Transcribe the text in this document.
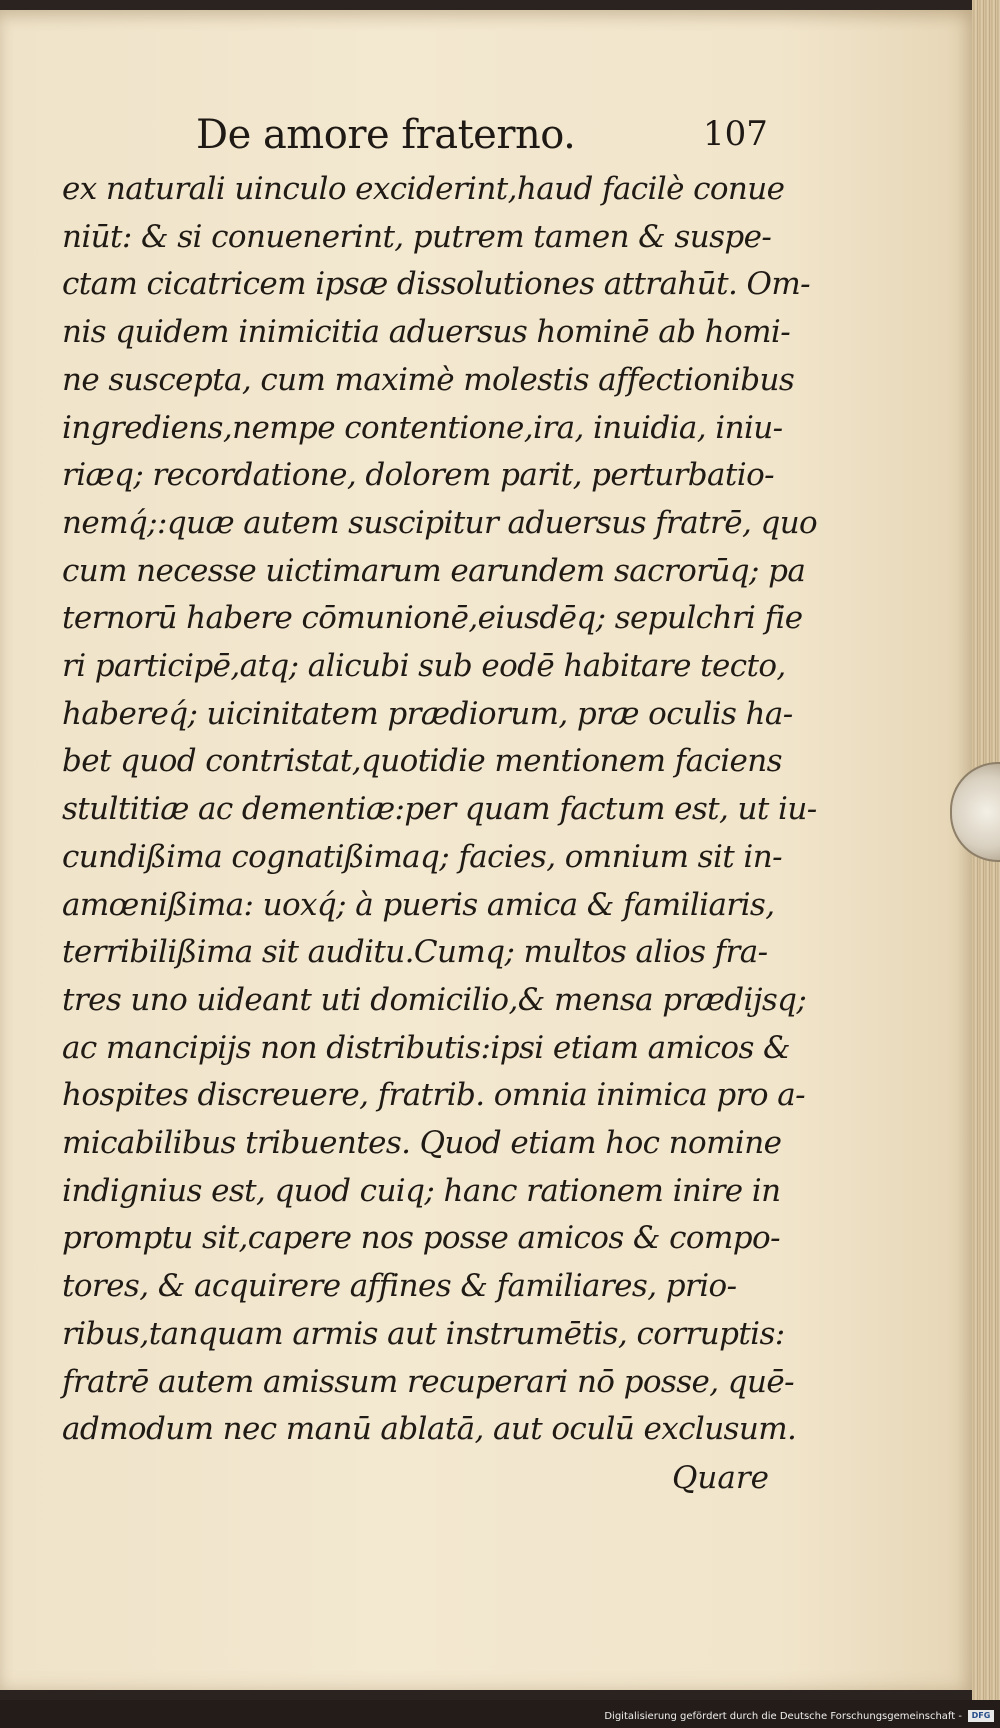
De amore fraterno.	107
ex naturali uinculo exciderint,haud facilè conue
niūt: & si conuenerint, putrem tamen & suspe-
ctam cicatricem ipsæ dissolutiones attrahūt. Om-
nis quidem inimicitia aduersus hominē ab homi-
ne suscepta, cum maximè molestis affectionibus
ingrediens,nempe contentione,ira, inuidia, iniu-
riæq; recordatione, dolorem parit, perturbatio-
nemq́;:quæ autem suscipitur aduersus fratrē, quo
cum necesse uictimarum earundem sacrorūq; pa
ternorū habere cōmunionē,eiusdēq; sepulchri fie
ri participē,atq; alicubi sub eodē habitare tecto,
habereq́; uicinitatem prædiorum, præ oculis ha-
bet quod contristat,quotidie mentionem faciens
stultitiæ ac dementiæ:per quam factum est, ut iu-
cundißima cognatißimaq; facies, omnium sit in-
amœnißima: uoxq́; à pueris amica & familiaris,
terribilißima sit auditu.Cumq; multos alios fra-
tres uno uideant uti domicilio,& mensa prædijsq;
ac mancipijs non distributis:ipsi etiam amicos &
hospites discreuere, fratrib. omnia inimica pro a-
micabilibus tribuentes. Quod etiam hoc nomine
indignius est, quod cuiq; hanc rationem inire in
promptu sit,capere nos posse amicos & compo-
tores, & acquirere affines & familiares, prio-
ribus,tanquam armis aut instrumētis, corruptis:
fratrē autem amissum recuperari nō posse, quē-
admodum nec manū ablatā, aut oculū exclusum.
Quare
Digitalisierung gefördert durch die Deutsche Forschungsgemeinschaft -	DFG
